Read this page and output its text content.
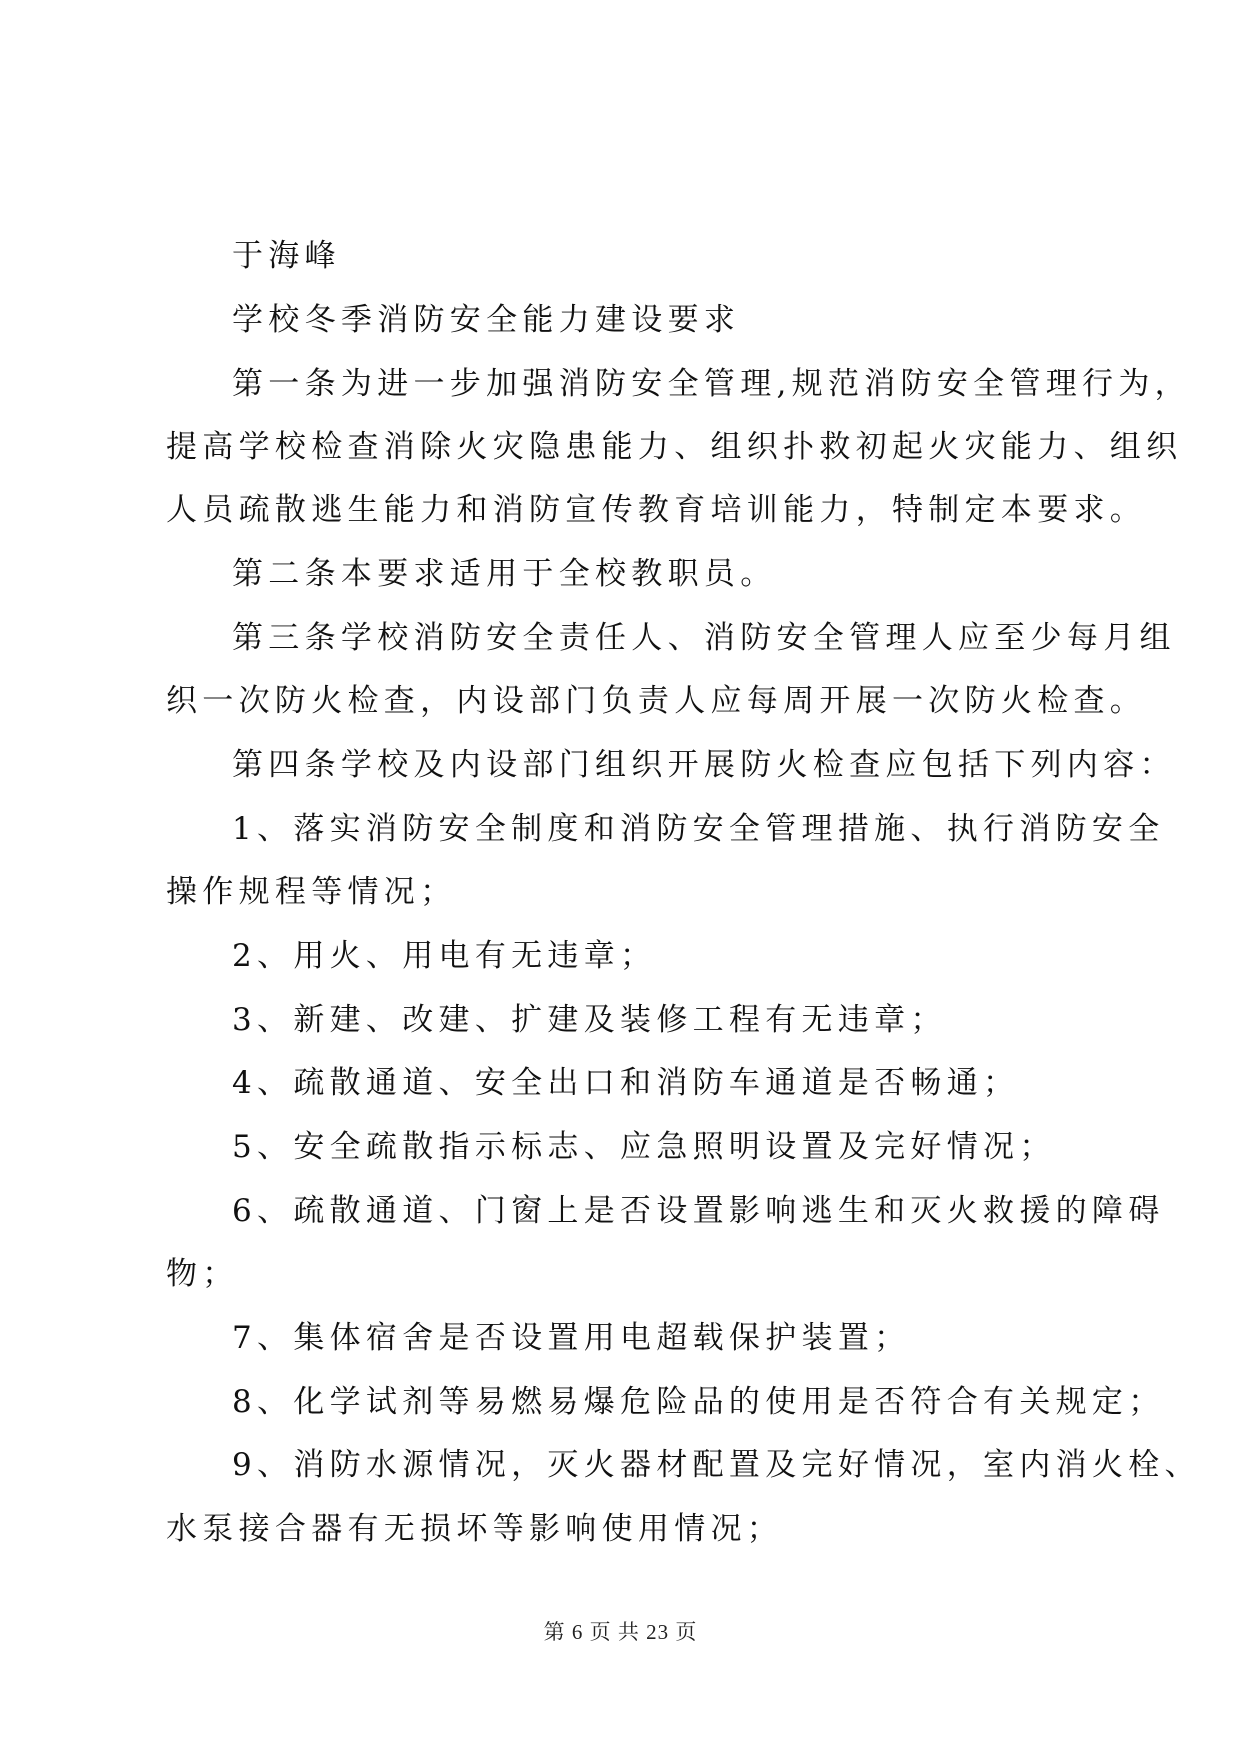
于海峰
学校冬季消防安全能力建设要求
第一条为进一步加强消防安全管理,规范消防安全管理行为，
提高学校检查消除火灾隐患能力、组织扑救初起火灾能力、组织
人员疏散逃生能力和消防宣传教育培训能力，特制定本要求。
第二条本要求适用于全校教职员。
第三条学校消防安全责任人、消防安全管理人应至少每月组
织一次防火检查，内设部门负责人应每周开展一次防火检查。
第四条学校及内设部门组织开展防火检查应包括下列内容：
1、落实消防安全制度和消防安全管理措施、执行消防安全
操作规程等情况；
2、用火、用电有无违章；
3、新建、改建、扩建及装修工程有无违章；
4、疏散通道、安全出口和消防车通道是否畅通；
5、安全疏散指示标志、应急照明设置及完好情况；
6、疏散通道、门窗上是否设置影响逃生和灭火救援的障碍
物；
7、集体宿舍是否设置用电超载保护装置；
8、化学试剂等易燃易爆危险品的使用是否符合有关规定；
9、消防水源情况，灭火器材配置及完好情况，室内消火栓、
水泵接合器有无损坏等影响使用情况；
第 6 页 共 23 页
